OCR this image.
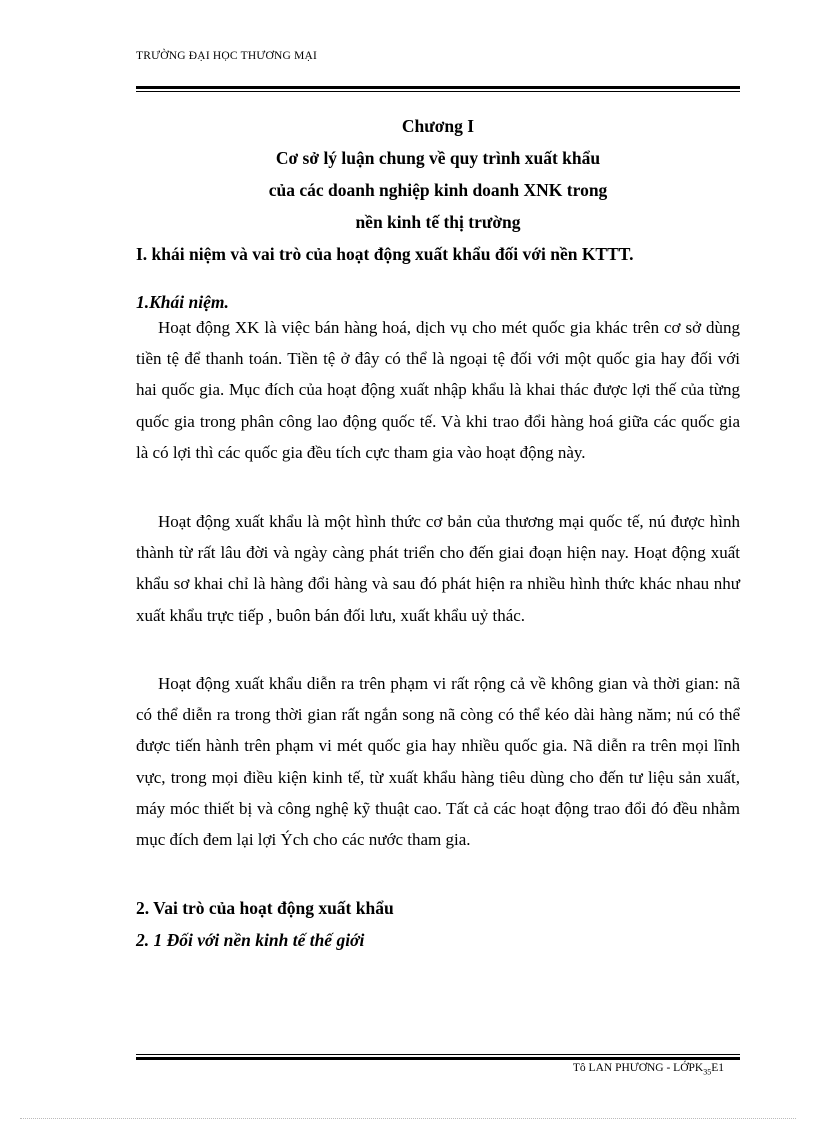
TRƯỜNG ĐẠI HỌC THƯƠNG MẠI
Chương I
Cơ sở lý luận chung về quy trình xuất khẩu
của các doanh nghiệp kinh doanh XNK trong
nền kinh tế thị trường
I. khái niệm và vai trò của hoạt động xuất khẩu đối với nền KTTT.
1.Khái niệm.
Hoạt động XK là việc bán hàng hoá, dịch vụ cho mét quốc gia khác trên cơ sở dùng tiền tệ để thanh toán. Tiền tệ ở đây có thể là ngoại tệ đối với một quốc gia hay đối với hai quốc gia. Mục đích của hoạt động xuất nhập khẩu là khai thác được lợi thế của từng quốc gia trong phân công lao động quốc tế. Và khi trao đổi hàng hoá giữa các quốc gia là có lợi thì các quốc gia đều tích cực tham gia vào hoạt động này.
Hoạt động xuất khẩu là một hình thức cơ bản của thương mại quốc tế, nú được hình thành từ rất lâu đời và ngày càng phát triển cho đến giai đoạn hiện nay. Hoạt động xuất khẩu sơ khai chỉ là hàng đổi hàng và sau đó phát hiện ra nhiều hình thức khác nhau như xuất khẩu trực tiếp , buôn bán đối lưu, xuất khẩu uỷ thác.
Hoạt động xuất khẩu diễn ra trên phạm vi rất rộng cả về không gian và thời gian: nã có thể diễn ra trong thời gian rất ngắn song nã còng có thể kéo dài hàng năm; nú có thể được tiến hành trên phạm vi mét quốc gia hay nhiều quốc gia. Nã diễn ra trên mọi lĩnh vực, trong mọi điều kiện kinh tế, từ xuất khẩu hàng tiêu dùng cho đến tư liệu sản xuất, máy móc thiết bị và công nghệ kỹ thuật cao. Tất cả các hoạt động trao đổi đó đều nhằm mục đích đem lại lợi Ých cho các nước tham gia.
2. Vai trò của hoạt động xuất khẩu
2. 1 Đối với nền kinh tế thế giới
Tô LAN PHƯƠNG - LỚPK$_{35}$E1
